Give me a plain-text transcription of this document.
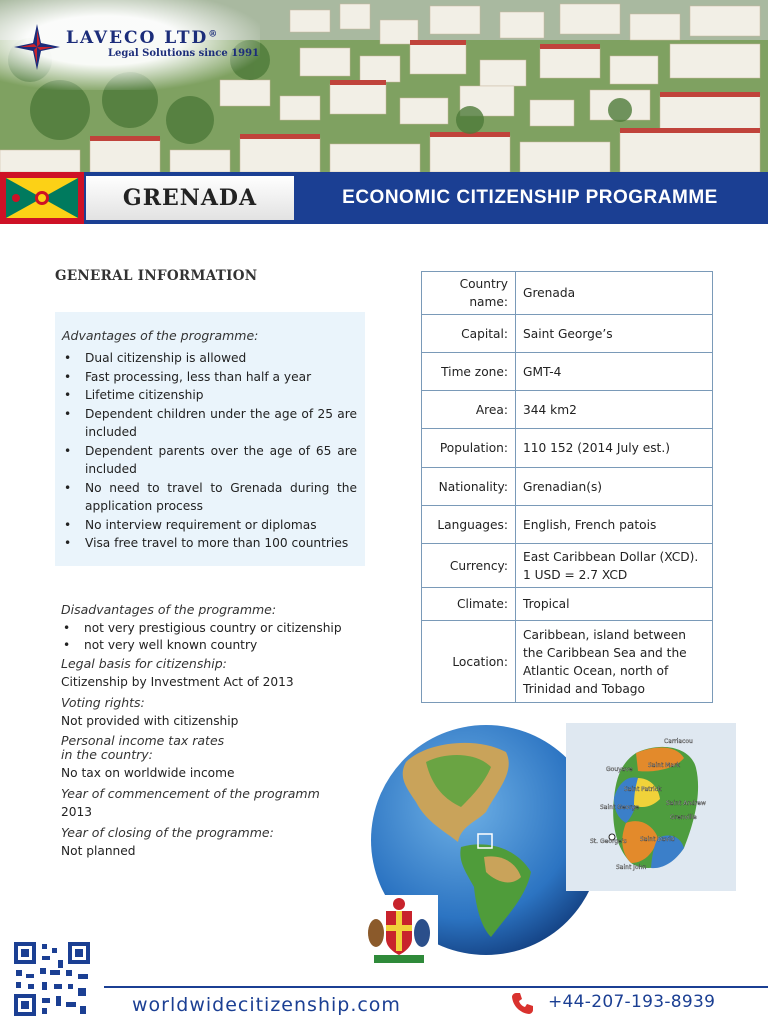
LAVECO LTD®
Legal Solutions since 1991
GRENADA	ECONOMIC CITIZENSHIP PROGRAMME
GENERAL INFORMATION

Advantages of the programme:

• Dual citizenship is allowed
• Fast processing, less than half a year
• Lifetime citizenship
• Dependent children under the age of 25 are included
• Dependent parents over the age of 65 are included
• No need to travel to Grenada during the application process
• No interview requirement or diplomas
• Visa free travel to more than 100 countries

Disadvantages of the programme:

• not very prestigious country or citizenship
• not very well known country

Legal basis for citizenship:

Citizenship by Investment Act of 2013

Voting rights:

Not provided with citizenship

Personal income tax rates
in the country:

No tax on worldwide income

Year of commencement of the programm

2013

Year of closing of the programme:

Not planned

Country name:	Grenada
Capital:	Saint George’s
Time zone:	GMT-4
Area:	344 km2
Population:	110 152 (2014 July est.)
Nationality:	Grenadian(s)
Languages:	English, French patois
Currency:	East Caribbean Dollar (XCD). 1 USD = 2.7 XCD
Climate:	Tropical
Location:	Caribbean, island between the Caribbean Sea and the Atlantic Ocean, north of Trinidad and Tobago
Carriacou
Gouyave
Saint Mark
Saint Patrick
Saint Andrew
Grenville
Saint George
St. George's Saint David
Saint John
worldwidecitizenship.com	+44-207-193-8939
